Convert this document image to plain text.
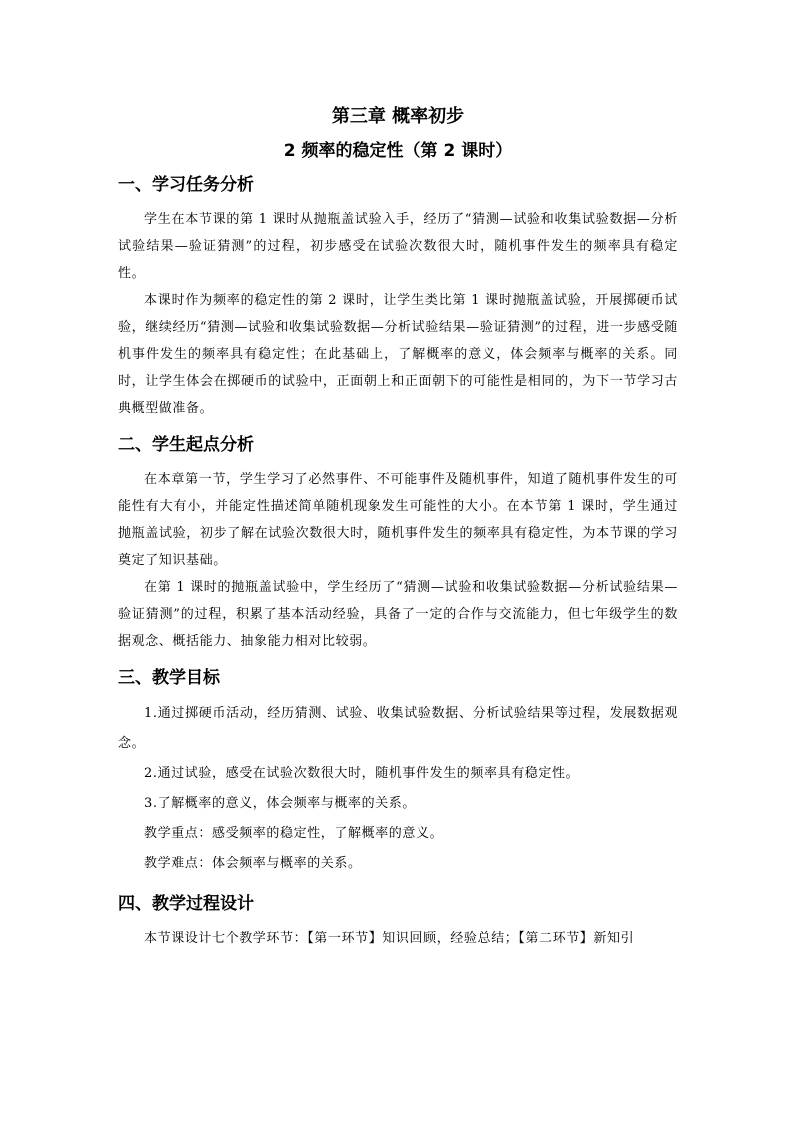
第三章 概率初步
2 频率的稳定性（第 2 课时）
一、学习任务分析

学生在本节课的第 1 课时从抛瓶盖试验入手，经历了“猜测—试验和收集试验数据—分析试验结果—验证猜测”的过程，初步感受在试验次数很大时，随机事件发生的频率具有稳定性。

本课时作为频率的稳定性的第 2 课时，让学生类比第 1 课时抛瓶盖试验，开展掷硬币试验，继续经历“猜测—试验和收集试验数据—分析试验结果—验证猜测”的过程，进一步感受随机事件发生的频率具有稳定性；在此基础上，了解概率的意义，体会频率与概率的关系。同时，让学生体会在掷硬币的试验中，正面朝上和正面朝下的可能性是相同的，为下一节学习古典概型做准备。

二、学生起点分析

在本章第一节，学生学习了必然事件、不可能事件及随机事件，知道了随机事件发生的可能性有大有小，并能定性描述简单随机现象发生可能性的大小。在本节第 1 课时，学生通过抛瓶盖试验，初步了解在试验次数很大时，随机事件发生的频率具有稳定性，为本节课的学习奠定了知识基础。

在第 1 课时的抛瓶盖试验中，学生经历了“猜测—试验和收集试验数据—分析试验结果—验证猜测”的过程，积累了基本活动经验，具备了一定的合作与交流能力，但七年级学生的数据观念、概括能力、抽象能力相对比较弱。

三、教学目标

1.通过掷硬币活动，经历猜测、试验、收集试验数据、分析试验结果等过程，发展数据观念。

2.通过试验，感受在试验次数很大时，随机事件发生的频率具有稳定性。

3.了解概率的意义，体会频率与概率的关系。

教学重点：感受频率的稳定性，了解概率的意义。

教学难点：体会频率与概率的关系。

四、教学过程设计

本节课设计七个教学环节：【第一环节】知识回顾，经验总结；【第二环节】新知引
